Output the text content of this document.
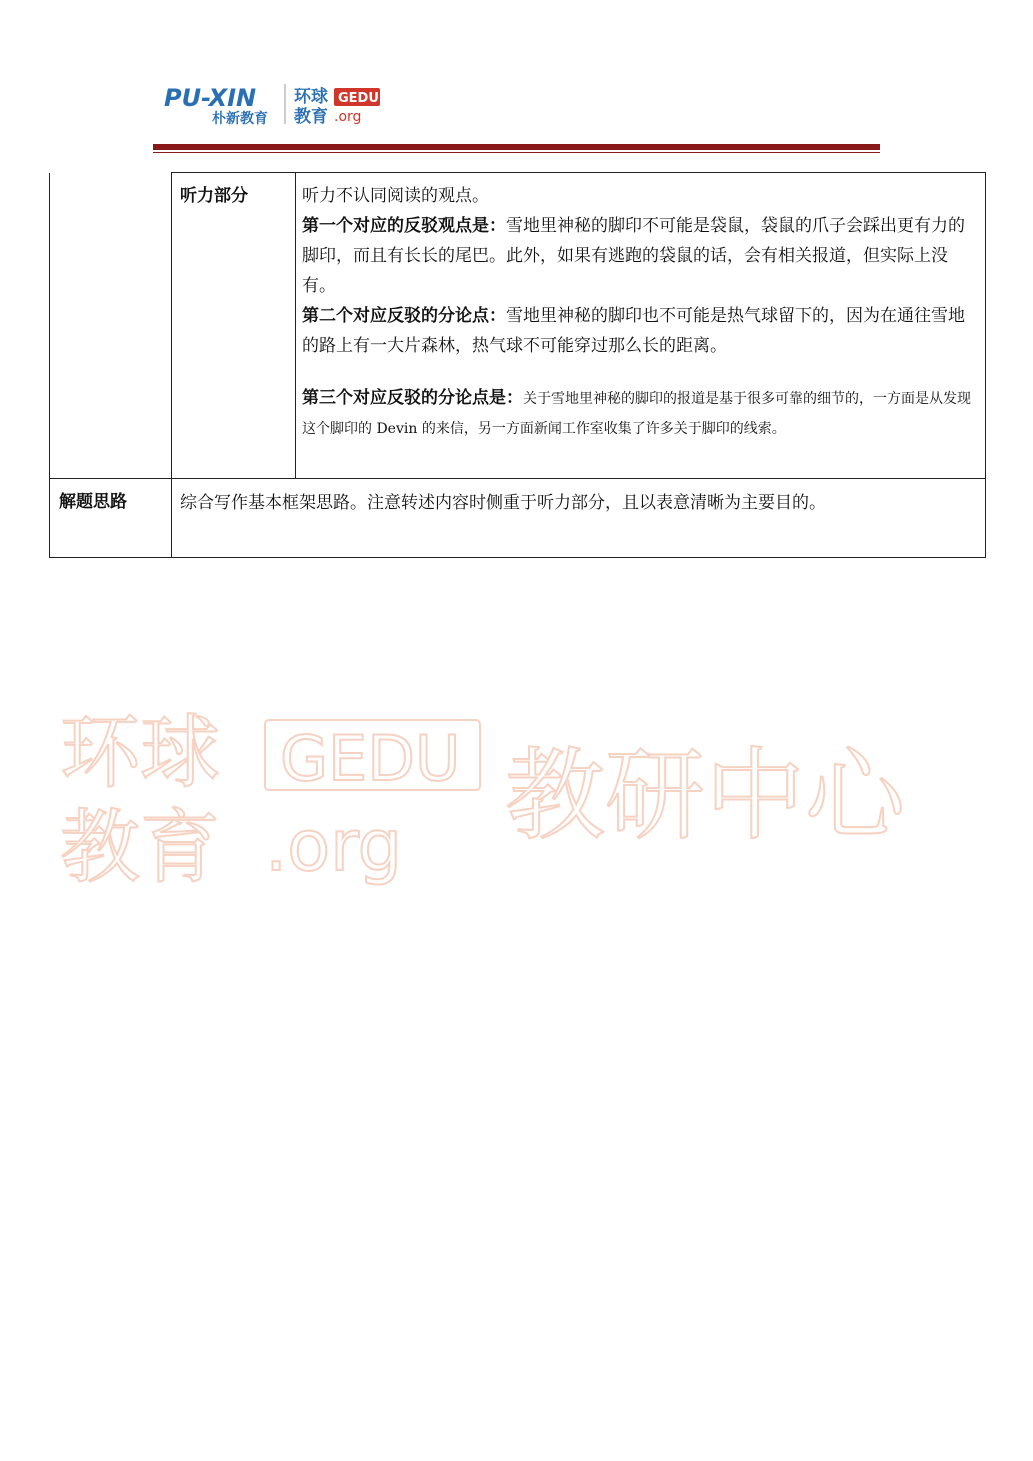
PU-XIN
朴新教育
环球
教育
GEDU
.org

	听力部分	听力不认同阅读的观点。

第一个对应的反驳观点是：雪地里神秘的脚印不可能是袋鼠，袋鼠的爪子会踩出更有力的脚印，而且有长长的尾巴。此外，如果有逃跑的袋鼠的话，会有相关报道，但实际上没有。

第二个对应反驳的分论点：雪地里神秘的脚印也不可能是热气球留下的，因为在通往雪地的路上有一大片森林，热气球不可能穿过那么长的距离。

第三个对应反驳的分论点是：关于雪地里神秘的脚印的报道是基于很多可靠的细节的，一方面是从发现这个脚印的 Devin 的来信，另一方面新闻工作室收集了许多关于脚印的线索。

解题思路	综合写作基本框架思路。注意转述内容时侧重于听力部分，且以表意清晰为主要目的。	
环球
教育
GEDU
.org 教研中心
